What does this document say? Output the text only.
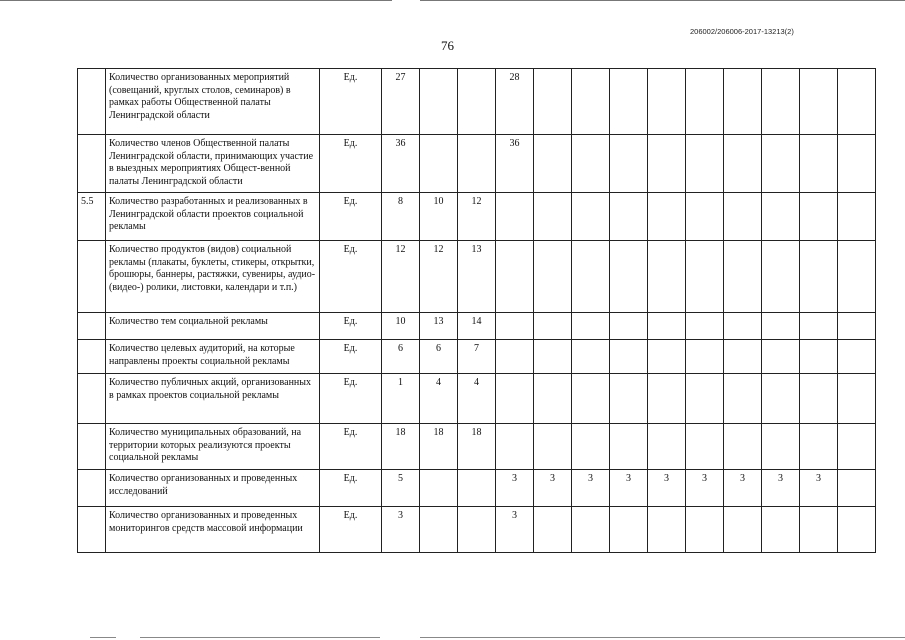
206002/206006-2017-13213(2)
76
	Количество организованных мероприятий (совещаний, круглых столов, семинаров) в рамках работы Общественной палаты Ленинградской области	Ед.	27			28									
	Количество членов Общественной палаты Ленинградской области, принимающих участие в выездных мероприятиях Общест-венной палаты Ленинградской области	Ед.	36			36									
5.5	Количество разработанных и реализованных в Ленинградской области проектов социальной рекламы	Ед.	8	10	12										
	Количество продуктов (видов) социальной рекламы (плакаты, буклеты, стикеры, открытки, брошюры, баннеры, растяжки, сувениры, аудио- (видео-) ролики, листовки, календари и т.п.)	Ед.	12	12	13										
	Количество тем социальной рекламы	Ед.	10	13	14										
	Количество целевых аудиторий, на которые направлены проекты социальной рекламы	Ед.	6	6	7										
	Количество публичных акций, организованных в рамках проектов социальной рекламы	Ед.	1	4	4										
	Количество муниципальных образований, на территории которых реализуются проекты социальной рекламы	Ед.	18	18	18										
	Количество организованных и проведенных исследований	Ед.	5			3	3	3	3	3	3	3	3	3	
	Количество организованных и проведенных мониторингов средств массовой информации	Ед.	3			3									
